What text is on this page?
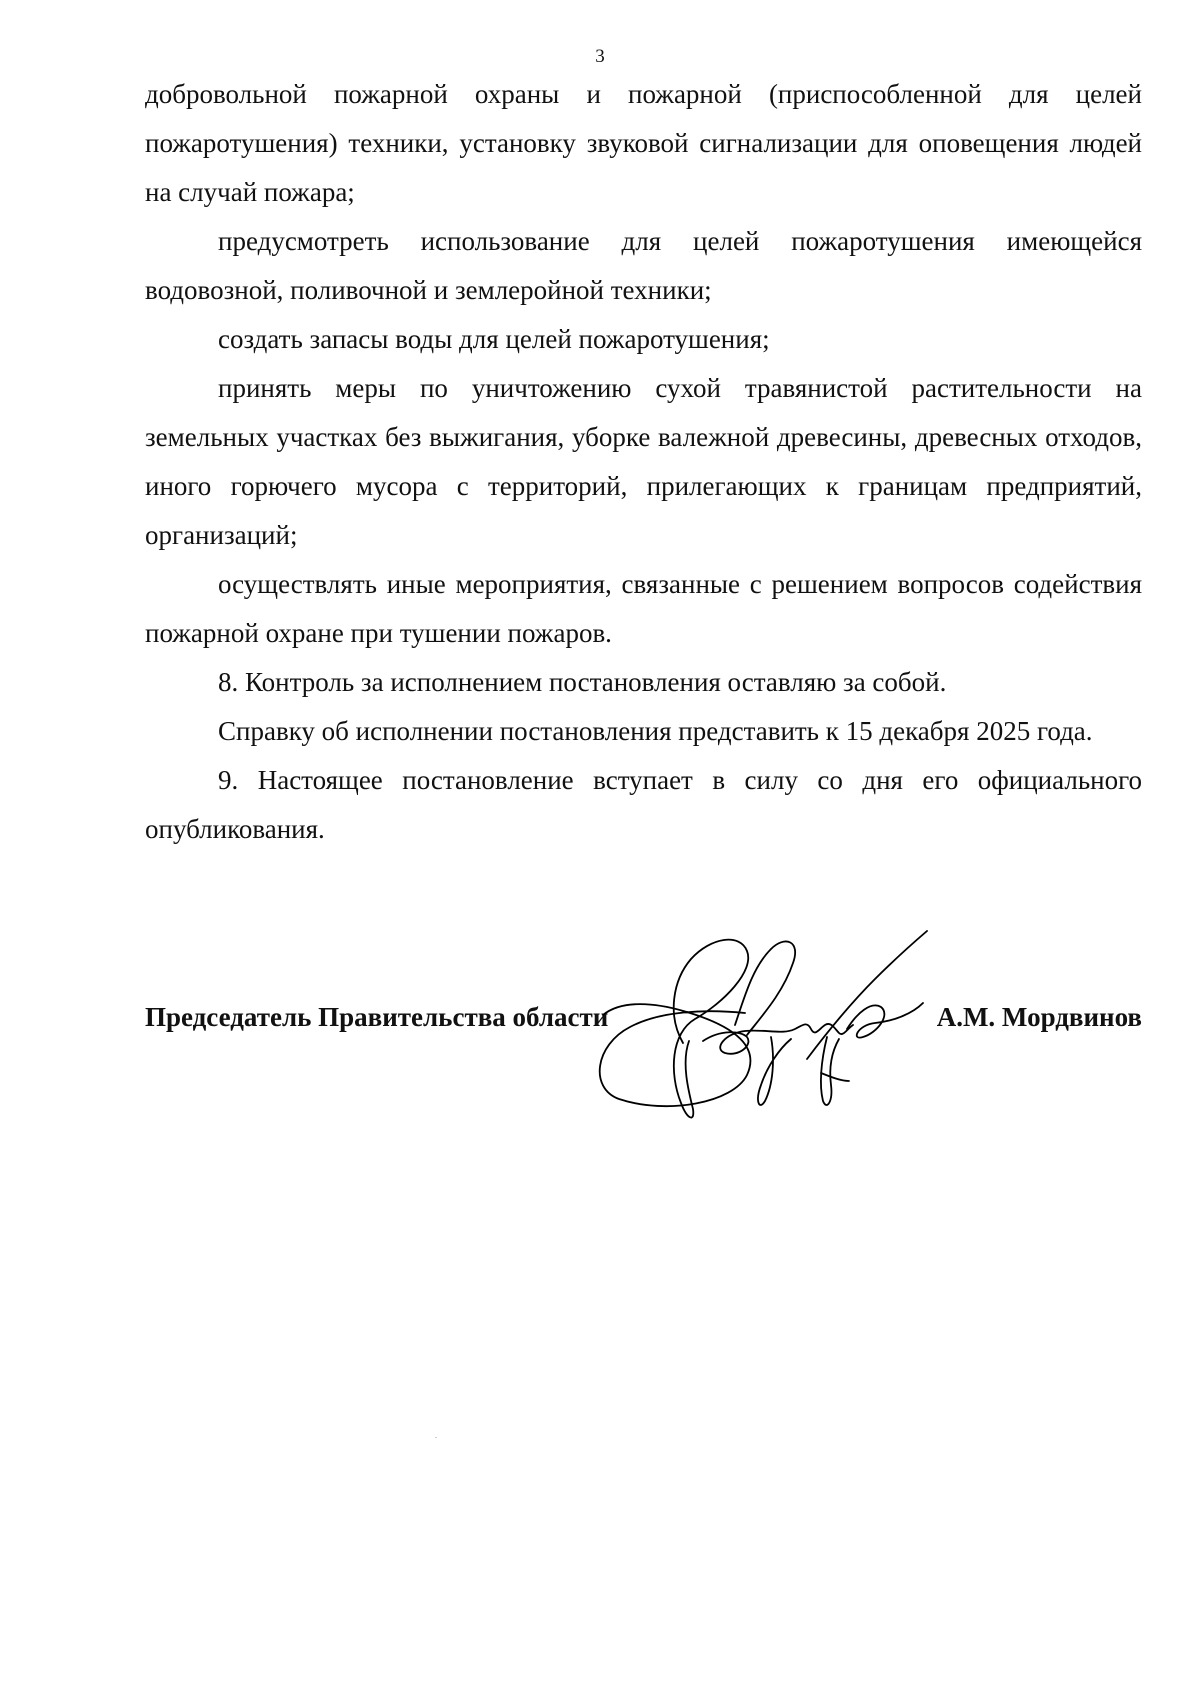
3

добровольной пожарной охраны и пожарной (приспособленной для целей пожаротушения) техники, установку звуковой сигнализации для оповещения людей на случай пожара;

предусмотреть использование для целей пожаротушения имеющейся водовозной, поливочной и землеройной техники;

создать запасы воды для целей пожаротушения;

принять меры по уничтожению сухой травянистой растительности на земельных участках без выжигания, уборке валежной древесины, древесных отходов, иного горючего мусора с территорий, прилегающих к границам предприятий, организаций;

осуществлять иные мероприятия, связанные с решением вопросов содействия пожарной охране при тушении пожаров.

8. Контроль за исполнением постановления оставляю за собой.

Справку об исполнении постановления представить к 15 декабря 2025 года.

9. Настоящее постановление вступает в силу со дня его официального опубликования.

Председатель Правительства области	А.М. Мордвинов
